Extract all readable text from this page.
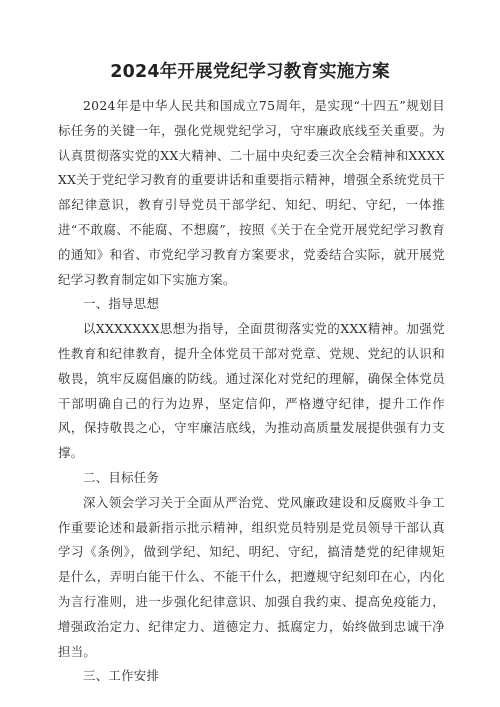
2024年开展党纪学习教育实施方案

2024年是中华人民共和国成立75周年，是实现“十四五”规划目标任务的关键一年，强化党规党纪学习，守牢廉政底线至关重要。为认真贯彻落实党的XX大精神、二十届中央纪委三次全会精神和XXXXXX关于党纪学习教育的重要讲话和重要指示精神，增强全系统党员干部纪律意识，教育引导党员干部学纪、知纪、明纪、守纪，一体推进“不敢腐、不能腐、不想腐”，按照《关于在全党开展党纪学习教育的通知》和省、市党纪学习教育方案要求，党委结合实际，就开展党纪学习教育制定如下实施方案。

一、指导思想

以XXXXXXX思想为指导，全面贯彻落实党的XXX精神。加强党性教育和纪律教育，提升全体党员干部对党章、党规、党纪的认识和敬畏，筑牢反腐倡廉的防线。通过深化对党纪的理解，确保全体党员干部明确自己的行为边界，坚定信仰，严格遵守纪律，提升工作作风，保持敬畏之心，守牢廉洁底线，为推动高质量发展提供强有力支撑。

二、目标任务

深入领会学习关于全面从严治党、党风廉政建设和反腐败斗争工作重要论述和最新指示批示精神，组织党员特别是党员领导干部认真学习《条例》，做到学纪、知纪、明纪、守纪，搞清楚党的纪律规矩是什么，弄明白能干什么、不能干什么，把遵规守纪刻印在心，内化为言行准则，进一步强化纪律意识、加强自我约束、提高免疫能力，增强政治定力、纪律定力、道德定力、抵腐定力，始终做到忠诚干净担当。

三、工作安排
